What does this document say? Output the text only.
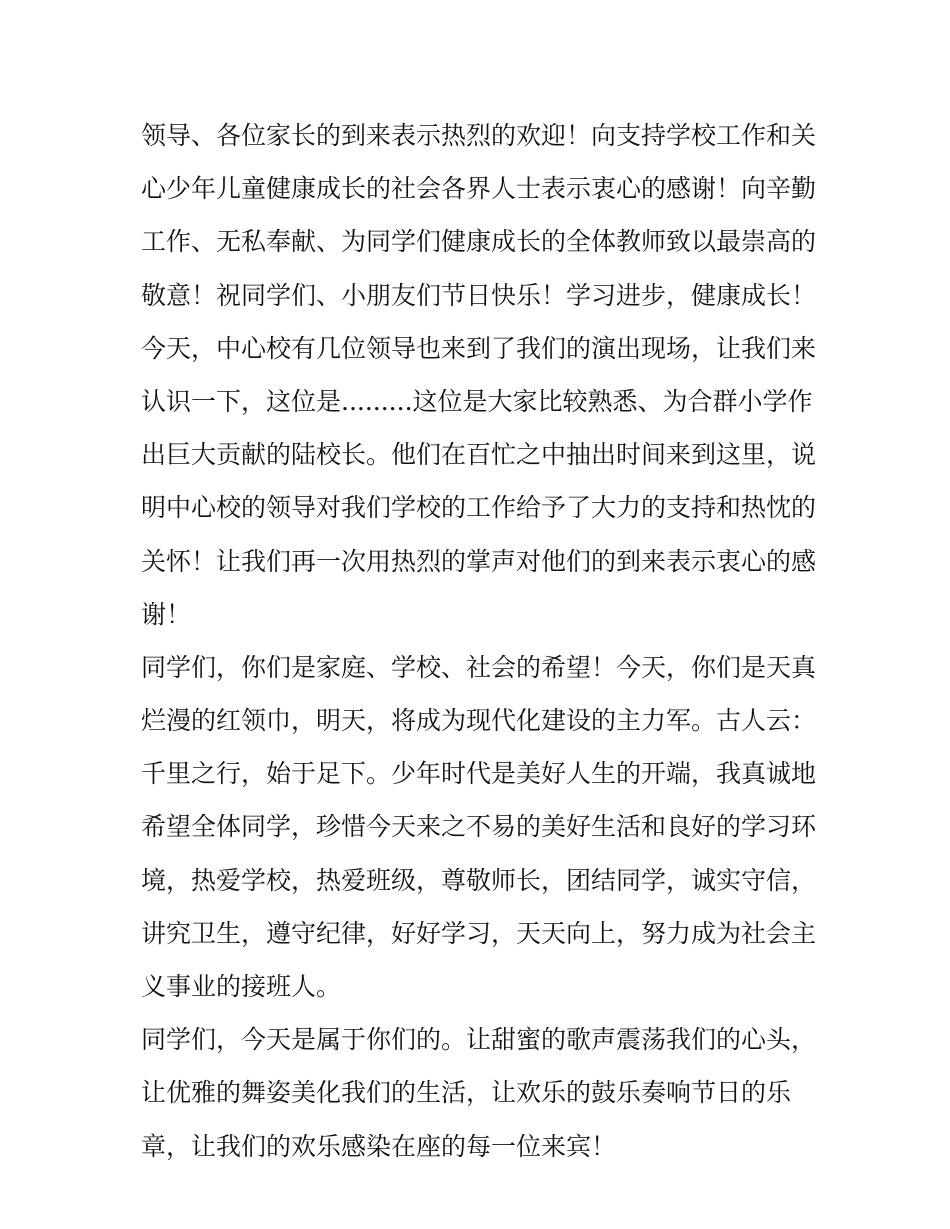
领导、各位家长的到来表示热烈的欢迎！向支持学校工作和关
心少年儿童健康成长的社会各界人士表示衷心的感谢！向辛勤
工作、无私奉献、为同学们健康成长的全体教师致以最崇高的
敬意！祝同学们、小朋友们节日快乐！学习进步，健康成长！
今天，中心校有几位领导也来到了我们的演出现场，让我们来
认识一下，这位是.........这位是大家比较熟悉、为合群小学作
出巨大贡献的陆校长。他们在百忙之中抽出时间来到这里，说
明中心校的领导对我们学校的工作给予了大力的支持和热忱的
关怀！让我们再一次用热烈的掌声对他们的到来表示衷心的感
谢！
同学们，你们是家庭、学校、社会的希望！今天，你们是天真
烂漫的红领巾，明天，将成为现代化建设的主力军。古人云：
千里之行，始于足下。少年时代是美好人生的开端，我真诚地
希望全体同学，珍惜今天来之不易的美好生活和良好的学习环
境，热爱学校，热爱班级，尊敬师长，团结同学，诚实守信，
讲究卫生，遵守纪律，好好学习，天天向上，努力成为社会主
义事业的接班人。
同学们，今天是属于你们的。让甜蜜的歌声震荡我们的心头，
让优雅的舞姿美化我们的生活，让欢乐的鼓乐奏响节日的乐
章，让我们的欢乐感染在座的每一位来宾！
